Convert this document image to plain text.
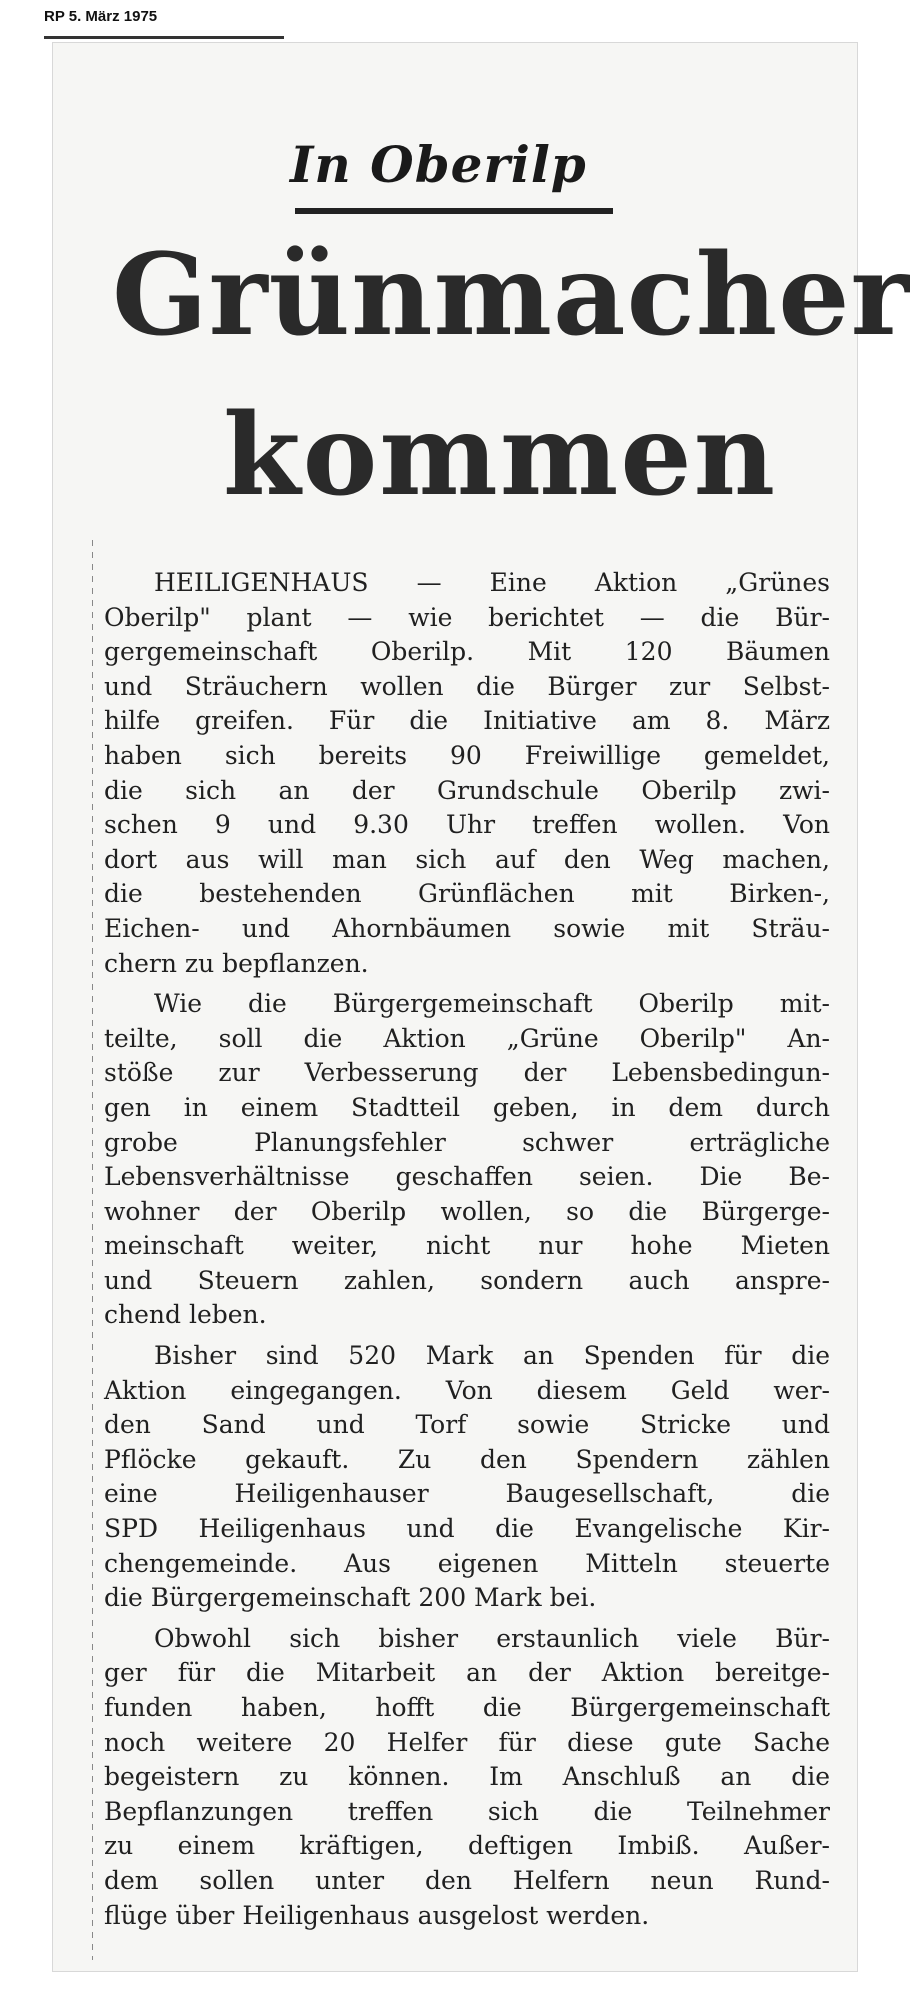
RP 5. März 1975
In Oberilp
Grünmacher
kommen

HEILIGENHAUS — Eine Aktion „Grünes
Oberilp" plant — wie berichtet — die Bür-
gergemeinschaft Oberilp. Mit 120 Bäumen
und Sträuchern wollen die Bürger zur Selbst-
hilfe greifen. Für die Initiative am 8. März
haben sich bereits 90 Freiwillige gemeldet,
die sich an der Grundschule Oberilp zwi-
schen 9 und 9.30 Uhr treffen wollen. Von
dort aus will man sich auf den Weg machen,
die bestehenden Grünflächen mit Birken-,
Eichen- und Ahornbäumen sowie mit Sträu-
chern zu bepflanzen.

Wie die Bürgergemeinschaft Oberilp mit-
teilte, soll die Aktion „Grüne Oberilp" An-
stöße zur Verbesserung der Lebensbedingun-
gen in einem Stadtteil geben, in dem durch
grobe Planungsfehler schwer erträgliche
Lebensverhältnisse geschaffen seien. Die Be-
wohner der Oberilp wollen, so die Bürgerge-
meinschaft weiter, nicht nur hohe Mieten
und Steuern zahlen, sondern auch anspre-
chend leben.

Bisher sind 520 Mark an Spenden für die
Aktion eingegangen. Von diesem Geld wer-
den Sand und Torf sowie Stricke und
Pflöcke gekauft. Zu den Spendern zählen
eine Heiligenhauser Baugesellschaft, die
SPD Heiligenhaus und die Evangelische Kir-
chengemeinde. Aus eigenen Mitteln steuerte
die Bürgergemeinschaft 200 Mark bei.

Obwohl sich bisher erstaunlich viele Bür-
ger für die Mitarbeit an der Aktion bereitge-
funden haben, hofft die Bürgergemeinschaft
noch weitere 20 Helfer für diese gute Sache
begeistern zu können. Im Anschluß an die
Bepflanzungen treffen sich die Teilnehmer
zu einem kräftigen, deftigen Imbiß. Außer-
dem sollen unter den Helfern neun Rund-
flüge über Heiligenhaus ausgelost werden.
